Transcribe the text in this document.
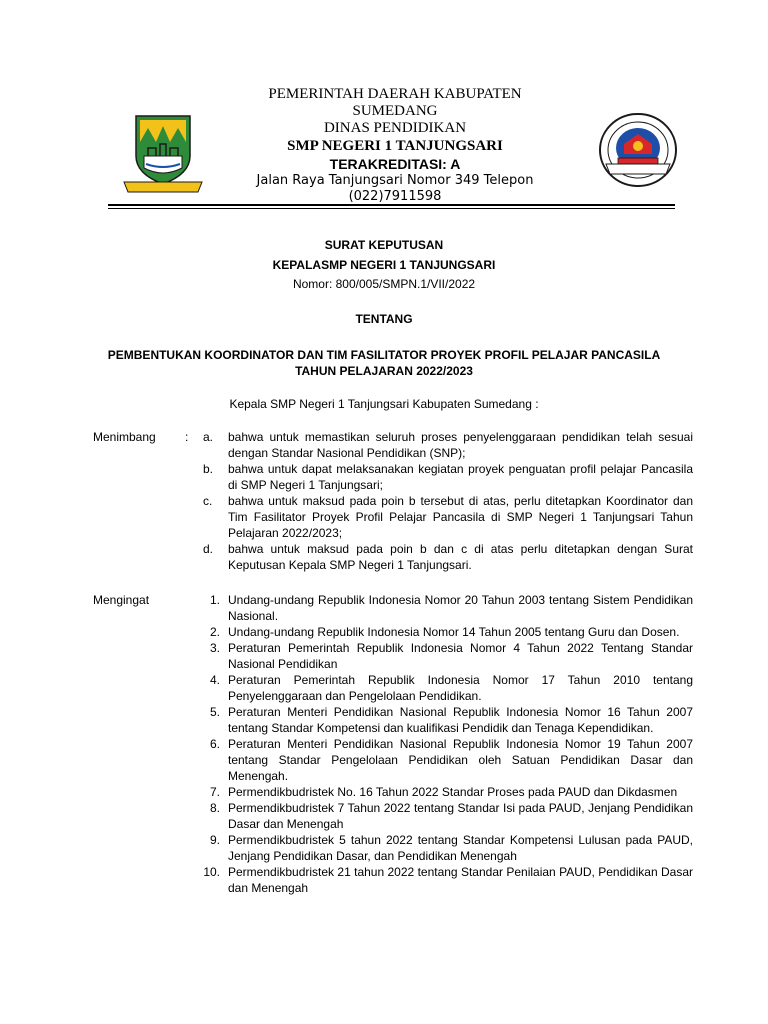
PEMERINTAH DAERAH KABUPATEN
SUMEDANG
DINAS PENDIDIKAN
SMP NEGERI 1 TANJUNGSARI
TERAKREDITASI: A
Jalan Raya Tanjungsari Nomor 349 Telepon
(022)7911598
SURAT KEPUTUSAN
KEPALASMP NEGERI 1 TANJUNGSARI
Nomor: 800/005/SMPN.1/VII/2022
TENTANG
PEMBENTUKAN KOORDINATOR DAN TIM FASILITATOR PROYEK PROFIL PELAJAR PANCASILA
TAHUN PELAJARAN 2022/2023
Kepala SMP Negeri 1 Tanjungsari Kabupaten Sumedang :
Menimbang	:	a.	bahwa untuk memastikan seluruh proses penyelenggaraan pendidikan telah sesuai dengan Standar Nasional Pendidikan (SNP);
b.	bahwa untuk dapat melaksanakan kegiatan proyek penguatan profil pelajar Pancasila di SMP Negeri 1 Tanjungsari;
c.	bahwa untuk maksud pada poin b tersebut di atas, perlu ditetapkan Koordinator dan Tim Fasilitator Proyek Profil Pelajar Pancasila di SMP Negeri 1 Tanjungsari Tahun Pelajaran 2022/2023;
d.	bahwa untuk maksud pada poin b dan c di atas perlu ditetapkan dengan Surat Keputusan Kepala SMP Negeri 1 Tanjungsari.
Mengingat	1. Undang-undang Republik Indonesia Nomor 20 Tahun 2003 tentang Sistem Pendidikan Nasional.
2. Undang-undang Republik Indonesia Nomor 14 Tahun 2005 tentang Guru dan Dosen.
3. Peraturan Pemerintah Republik Indonesia Nomor 4 Tahun 2022 Tentang Standar Nasional Pendidikan
4. Peraturan Pemerintah Republik Indonesia Nomor 17 Tahun 2010 tentang Penyelenggaraan dan Pengelolaan Pendidikan.
5. Peraturan Menteri Pendidikan Nasional Republik Indonesia Nomor 16 Tahun 2007 tentang Standar Kompetensi dan kualifikasi Pendidik dan Tenaga Kependidikan.
6. Peraturan Menteri Pendidikan Nasional Republik Indonesia Nomor 19 Tahun 2007 tentang Standar Pengelolaan Pendidikan oleh Satuan Pendidikan Dasar dan Menengah.
7. Permendikbudristek No. 16 Tahun 2022 Standar Proses pada PAUD dan Dikdasmen
8. Permendikbudristek 7 Tahun 2022 tentang Standar Isi pada PAUD, Jenjang Pendidikan Dasar dan Menengah
9. Permendikbudristek 5 tahun 2022 tentang Standar Kompetensi Lulusan pada PAUD, Jenjang Pendidikan Dasar, dan Pendidikan Menengah
10. Permendikbudristek 21 tahun 2022 tentang Standar Penilaian PAUD, Pendidikan Dasar dan Menengah
